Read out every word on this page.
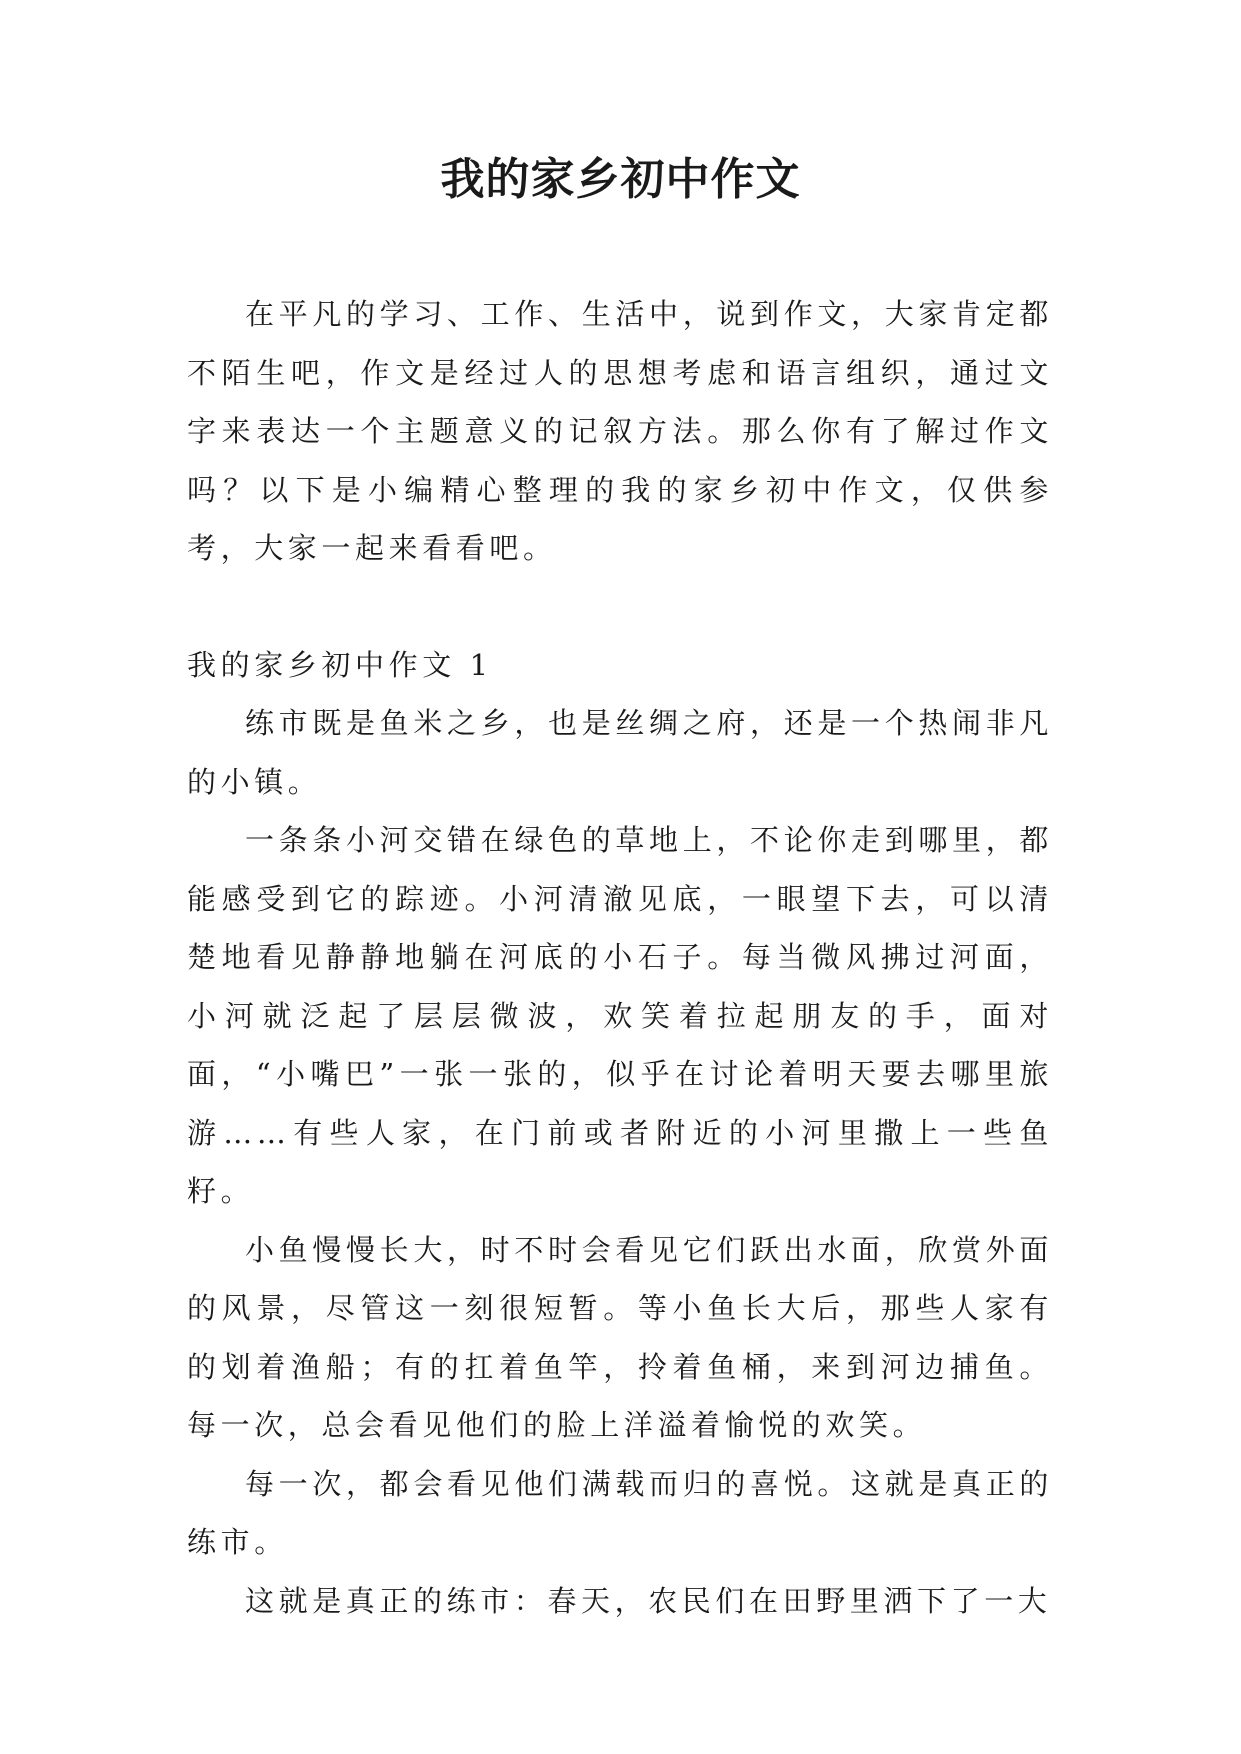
我的家乡初中作文

在平凡的学习、工作、生活中，说到作文，大家肯定都不陌生吧，作文是经过人的思想考虑和语言组织，通过文字来表达一个主题意义的记叙方法。那么你有了解过作文吗？以下是小编精心整理的我的家乡初中作文，仅供参考，大家一起来看看吧。

我的家乡初中作文 1

练市既是鱼米之乡，也是丝绸之府，还是一个热闹非凡的小镇。

一条条小河交错在绿色的草地上，不论你走到哪里，都能感受到它的踪迹。小河清澈见底，一眼望下去，可以清楚地看见静静地躺在河底的小石子。每当微风拂过河面，小河就泛起了层层微波，欢笑着拉起朋友的手，面对面，“小嘴巴”一张一张的，似乎在讨论着明天要去哪里旅游……有些人家，在门前或者附近的小河里撒上一些鱼籽。

小鱼慢慢长大，时不时会看见它们跃出水面，欣赏外面的风景，尽管这一刻很短暂。等小鱼长大后，那些人家有的划着渔船；有的扛着鱼竿，拎着鱼桶，来到河边捕鱼。每一次，总会看见他们的脸上洋溢着愉悦的欢笑。

每一次，都会看见他们满载而归的喜悦。这就是真正的练市。

这就是真正的练市：春天，农民们在田野里洒下了一大
